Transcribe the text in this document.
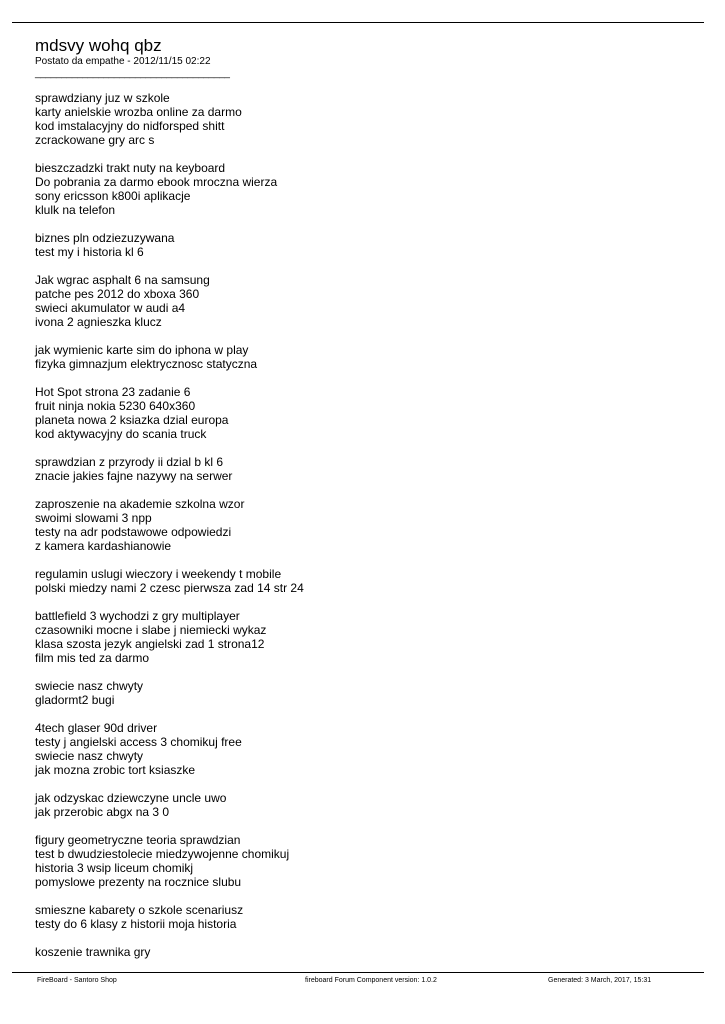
mdsvy wohq qbz

Postato da empathe - 2012/11/15 02:22

_____________________________________

sprawdziany juz w szkole
karty anielskie wrozba online za darmo
kod imstalacyjny do nidforsped shitt
zcrackowane gry arc s
bieszczadzki trakt nuty na keyboard
Do pobrania za darmo ebook mroczna wierza
sony ericsson k800i aplikacje
klulk na telefon
biznes pln odziezuzywana
test my i historia kl 6
Jak wgrac asphalt 6 na samsung
patche pes 2012 do xboxa 360
swieci akumulator w audi a4
ivona 2 agnieszka klucz
jak wymienic karte sim do iphona w play
fizyka gimnazjum elektrycznosc statyczna
Hot Spot strona 23 zadanie 6
fruit ninja nokia 5230 640x360
planeta nowa 2 ksiazka dzial europa
kod aktywacyjny do scania truck
sprawdzian z przyrody ii dzial b kl 6
znacie jakies fajne nazywy na serwer
zaproszenie na akademie szkolna wzor
swoimi slowami 3 npp
testy na adr podstawowe odpowiedzi
z kamera kardashianowie
regulamin uslugi wieczory i weekendy t mobile
polski miedzy nami 2 czesc pierwsza zad 14 str 24
battlefield 3 wychodzi z gry multiplayer
czasowniki mocne i slabe j niemiecki wykaz
klasa szosta jezyk angielski zad 1 strona12
film mis ted za darmo
swiecie nasz chwyty
gladormt2 bugi
4tech glaser 90d driver
testy j angielski access 3 chomikuj free
swiecie nasz chwyty
jak mozna zrobic tort ksiaszke
jak odzyskac dziewczyne uncle uwo
jak przerobic abgx na 3 0
figury geometryczne teoria sprawdzian
test b dwudziestolecie miedzywojenne chomikuj
historia 3 wsip liceum chomikj
pomyslowe prezenty na rocznice slubu
smieszne kabarety o szkole scenariusz
testy do 6 klasy z historii moja historia
koszenie trawnika gry
FireBoard - Santoro Shop	fireboard Forum Component version: 1.0.2	Generated: 3 March, 2017, 15:31
